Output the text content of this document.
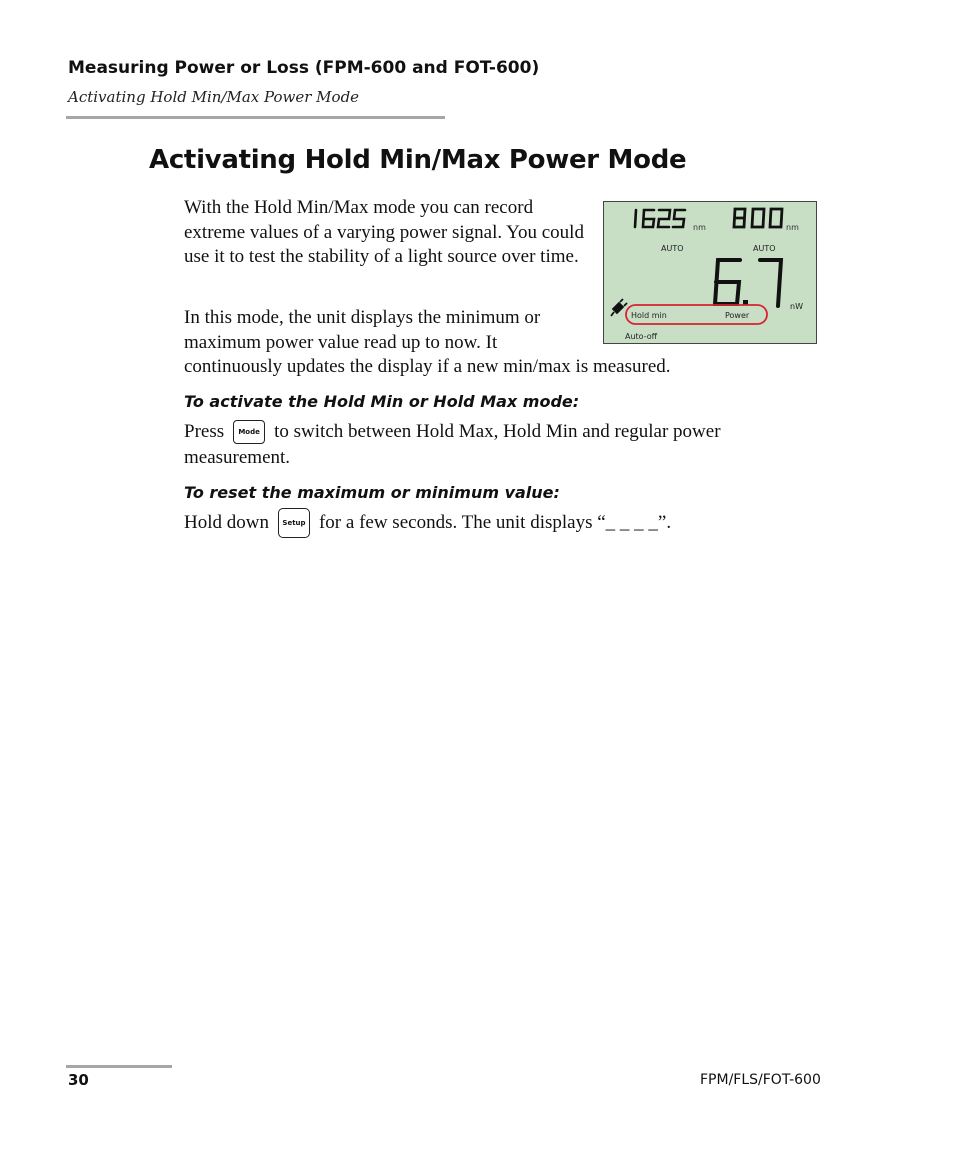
Measuring Power or Loss (FPM-600 and FOT-600)
Activating Hold Min/Max Power Mode
Activating Hold Min/Max Power Mode
With the Hold Min/Max mode you can record extreme values of a varying power signal. You could use it to test the stability of a light source over time.
In this mode, the unit displays the minimum or maximum power value read up to now. It
continuously updates the display if a new min/max is measured.
nm	nm
AUTO	AUTO
nW
Hold min	Power
Auto-off
To activate the Hold Min or Hold Max mode:
Press	Mode to switch between Hold Max, Hold Min and regular power
measurement.
To reset the maximum or minimum value:
Hold down	Setup for a few seconds. The unit displays “_ _ _ _”.
30	FPM/FLS/FOT-600
